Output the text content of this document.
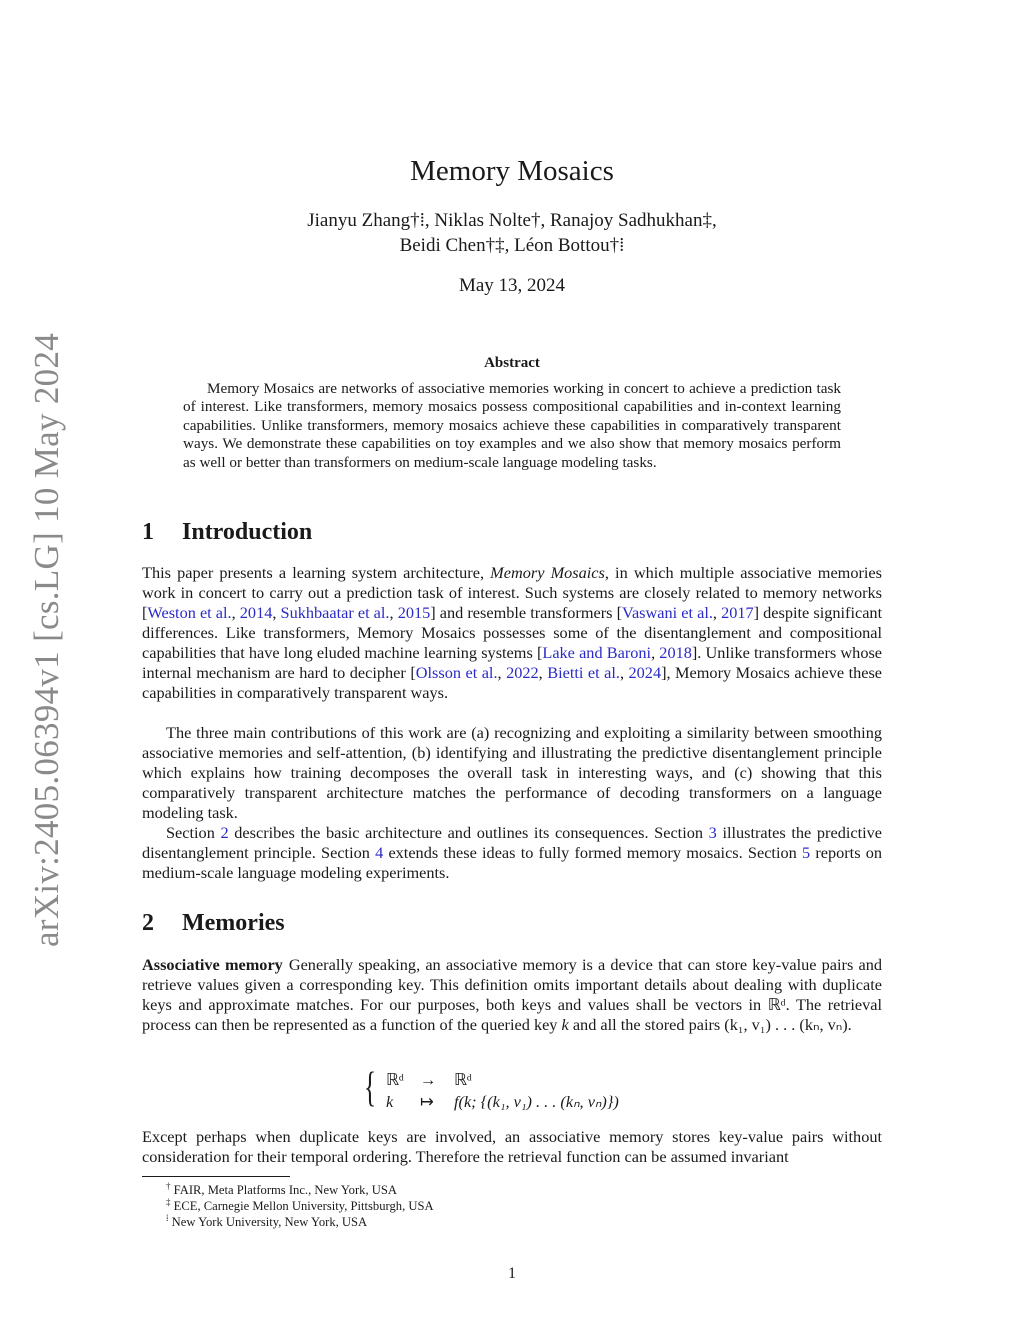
arXiv:2405.06394v1 [cs.LG] 10 May 2024
Memory Mosaics
Jianyu Zhang†⁞, Niklas Nolte†, Ranajoy Sadhukhan‡,
Beidi Chen†‡, Léon Bottou†⁞
May 13, 2024
Abstract
Memory Mosaics are networks of associative memories working in concert to achieve a prediction task of interest. Like transformers, memory mosaics possess compositional capabilities and in-context learning capabilities. Unlike transformers, memory mosaics achieve these capabilities in comparatively transparent ways. We demonstrate these capabilities on toy examples and we also show that memory mosaics perform as well or better than transformers on medium-scale language modeling tasks.
1 Introduction
This paper presents a learning system architecture, Memory Mosaics, in which multiple associative memories work in concert to carry out a prediction task of interest. Such systems are closely related to memory networks [Weston et al., 2014, Sukhbaatar et al., 2015] and resemble transformers [Vaswani et al., 2017] despite significant differences. Like transformers, Memory Mosaics possesses some of the disentanglement and compositional capabilities that have long eluded machine learning systems [Lake and Baroni, 2018]. Unlike transformers whose internal mechanism are hard to decipher [Olsson et al., 2022, Bietti et al., 2024], Memory Mosaics achieve these capabilities in comparatively transparent ways.
The three main contributions of this work are (a) recognizing and exploiting a similarity between smoothing associative memories and self-attention, (b) identifying and illustrating the predictive disentanglement principle which explains how training decomposes the overall task in interesting ways, and (c) showing that this comparatively transparent architecture matches the performance of decoding transformers on a language modeling task.
Section 2 describes the basic architecture and outlines its consequences. Section 3 illustrates the predictive disentanglement principle. Section 4 extends these ideas to fully formed memory mosaics. Section 5 reports on medium-scale language modeling experiments.
2 Memories
Associative memory Generally speaking, an associative memory is a device that can store key-value pairs and retrieve values given a corresponding key. This definition omits important details about dealing with duplicate keys and approximate matches. For our purposes, both keys and values shall be vectors in ℝᵈ. The retrieval process can then be represented as a function of the queried key k and all the stored pairs (k₁, v₁) . . . (kₙ, vₙ).
{ ℝᵈ → ℝᵈ
k ↦ f(k; {(k₁, v₁) . . . (kₙ, vₙ)})
Except perhaps when duplicate keys are involved, an associative memory stores key-value pairs without consideration for their temporal ordering. Therefore the retrieval function can be assumed invariant
† FAIR, Meta Platforms Inc., New York, USA
‡ ECE, Carnegie Mellon University, Pittsburgh, USA
⁞ New York University, New York, USA
1
